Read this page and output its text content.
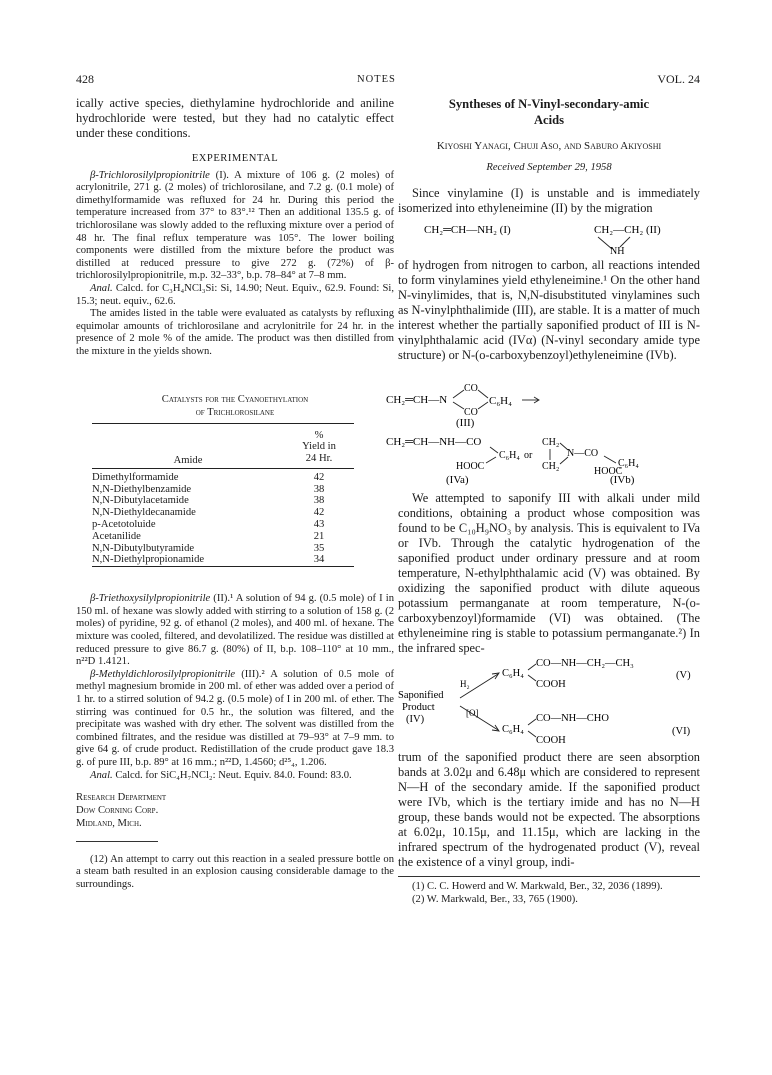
428	NOTES	VOL. 24

ically active species, diethylamine hydrochloride and aniline hydrochloride were tested, but they had no catalytic effect under these conditions.

EXPERIMENTAL

β-Trichlorosilylpropionitrile (I). A mixture of 106 g. (2 moles) of acrylonitrile, 271 g. (2 moles) of trichlorosilane, and 7.2 g. (0.1 mole) of dimethylformamide was refluxed for 24 hr. During this period the temperature increased from 37° to 83°.¹² Then an additional 135.5 g. of trichlorosilane was slowly added to the refluxing mixture over a period of 48 hr. The final reflux temperature was 105°. The lower boiling components were distilled from the mixture before the product was distilled at reduced pressure to give 272 g. (72%) of β-trichlorosilylpropionitrile, m.p. 32–33°, b.p. 78–84° at 7–8 mm.

Anal. Calcd. for C₃H₄NCl₃Si: Si, 14.90; Neut. Equiv., 62.9. Found: Si, 15.3; neut. equiv., 62.6.

The amides listed in the table were evaluated as catalysts by refluxing equimolar amounts of trichlorosilane and acrylonitrile for 24 hr. in the presence of 2 mole % of the amide. The product was then distilled from the mixture in the yields shown.

Catalysts for the Cyanoethylation
of Trichlorosilane
Amide	%
	Yield in
	24 Hr.
Dimethylformamide	42
N,N-Diethylbenzamide	38
N,N-Dibutylacetamide	38
N,N-Diethyldecanamide	42
p-Acetotoluide	43
Acetanilide	21
N,N-Dibutylbutyramide	35
N,N-Diethylpropionamide	34

β-Triethoxysilylpropionitrile (II).¹ A solution of 94 g. (0.5 mole) of I in 150 ml. of hexane was slowly added with stirring to a solution of 158 g. (2 moles) of pyridine, 92 g. of ethanol (2 moles), and 400 ml. of hexane. The mixture was cooled, filtered, and devolatilized. The residue was distilled at reduced pressure to give 86.7 g. (80%) of II, b.p. 108–110° at 10 mm., n²²D 1.4121.

β-Methyldichlorosilylpropionitrile (III).² A solution of 0.5 mole of methyl magnesium bromide in 200 ml. of ether was added over a period of 1 hr. to a stirred solution of 94.2 g. (0.5 mole) of I in 200 ml. of ether. The stirring was continued for 0.5 hr., the solution was filtered, and the precipitate was washed with dry ether. The solvent was distilled from the combined filtrates, and the residue was distilled at 79–93° at 7–9 mm. to give 64 g. of crude product. Redistillation of the crude product gave 18.3 g. of pure III, b.p. 89° at 16 mm.; n²²D, 1.4560; d²⁵₄, 1.206.

Anal. Calcd. for SiC₄H₇NCl₂: Neut. Equiv. 84.0. Found: 83.0.

Research Department
Dow Corning Corp.
Midland, Mich.

(12) An attempt to carry out this reaction in a sealed pressure bottle on a steam bath resulted in an explosion causing considerable damage to the surroundings.

Syntheses of N-Vinyl-secondary-amic
Acids
Kiyoshi Yanagi, Chuji Aso, and Saburo Akiyoshi
Received September 29, 1958

Since vinylamine (I) is unstable and is immediately isomerized into ethyleneimine (II) by the migration

CH₂═CH—NH₂ (I)	CH₂—CH₂ (II)
NH

of hydrogen from nitrogen to carbon, all reactions intended to form vinylamines yield ethyleneimine.¹ On the other hand N-vinylimides, that is, N,N-disubstituted vinylamines such as N-vinylphthalimide (III), are stable. It is a matter of much interest whether the partially saponified product of III is N-vinylphthalamic acid (IVα) (N-vinyl secondary amide type structure) or N-(o-carboxybenzoyl)ethyleneimine (IVb).

CH₂═CH—N
CO
CO
C₆H₄
(III)
CH₂═CH—NH—CO
HOOC
C₆H₄ or
CH₂
CH₂
N—CO
HOOC
C₆H₄
(IVa)	(IVb)

We attempted to saponify III with alkali under mild conditions, obtaining a product whose composition was found to be C₁₀H₉NO₃ by analysis. This is equivalent to IVa or IVb. Through the catalytic hydrogenation of the saponified product under ordinary pressure and at room temperature, N-ethylphthalamic acid (V) was obtained. By oxidizing the saponified product with dilute aqueous potassium permanganate at room temperature, N-(o-carboxybenzoyl)formamide (VI) was obtained. (The ethyleneimine ring is stable to potassium permanganate.²) In the infrared spec-

Saponified
Product
(IV)
H₂
[O]
C₆H₄
CO—NH—CH₂—CH₃
COOH
(V)
C₆H₄
CO—NH—CHO
COOH
(VI)

trum of the saponified product there are seen absorption bands at 3.02μ and 6.48μ which are considered to represent N—H of the secondary amide. If the saponified product were IVb, which is the tertiary imide and has no N—H group, these bands would not be expected. The absorptions at 6.02μ, 10.15μ, and 11.15μ, which are lacking in the infrared spectrum of the hydrogenated product (V), reveal the existence of a vinyl group, indi-

(1) C. C. Howerd and W. Markwald, Ber., 32, 2036 (1899).

(2) W. Markwald, Ber., 33, 765 (1900).
